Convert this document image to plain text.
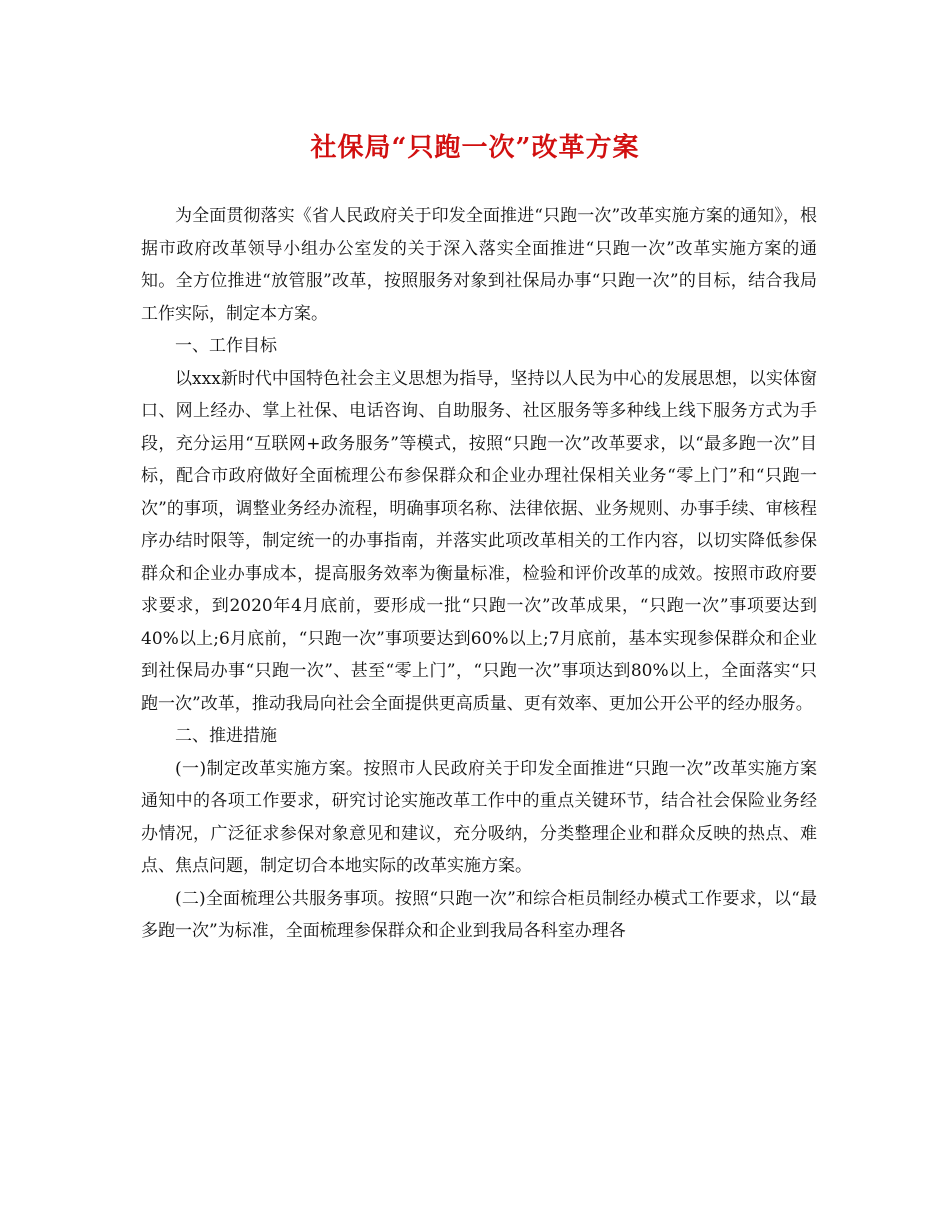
社保局“只跑一次”改革方案

为全面贯彻落实《省人民政府关于印发全面推进“只跑一次”改革实施方案的通知》，根据市政府改革领导小组办公室发的关于深入落实全面推进“只跑一次”改革实施方案的通知。全方位推进“放管服”改革，按照服务对象到社保局办事“只跑一次”的目标，结合我局工作实际，制定本方案。

一、工作目标

以xxx新时代中国特色社会主义思想为指导，坚持以人民为中心的发展思想，以实体窗口、网上经办、掌上社保、电话咨询、自助服务、社区服务等多种线上线下服务方式为手段，充分运用“互联网+政务服务”等模式，按照“只跑一次”改革要求，以“最多跑一次”目标，配合市政府做好全面梳理公布参保群众和企业办理社保相关业务“零上门”和“只跑一次”的事项，调整业务经办流程，明确事项名称、法律依据、业务规则、办事手续、审核程序办结时限等，制定统一的办事指南，并落实此项改革相关的工作内容，以切实降低参保群众和企业办事成本，提高服务效率为衡量标准，检验和评价改革的成效。按照市政府要求要求，到2020年4月底前，要形成一批“只跑一次”改革成果，“只跑一次”事项要达到40%以上;6月底前，“只跑一次”事项要达到60%以上;7月底前，基本实现参保群众和企业到社保局办事“只跑一次”、甚至“零上门”，“只跑一次”事项达到80%以上，全面落实“只跑一次”改革，推动我局向社会全面提供更高质量、更有效率、更加公开公平的经办服务。

二、推进措施

(一)制定改革实施方案。按照市人民政府关于印发全面推进“只跑一次”改革实施方案通知中的各项工作要求，研究讨论实施改革工作中的重点关键环节，结合社会保险业务经办情况，广泛征求参保对象意见和建议，充分吸纳，分类整理企业和群众反映的热点、难点、焦点问题，制定切合本地实际的改革实施方案。

(二)全面梳理公共服务事项。按照“只跑一次”和综合柜员制经办模式工作要求，以“最多跑一次”为标准，全面梳理参保群众和企业到我局各科室办理各
